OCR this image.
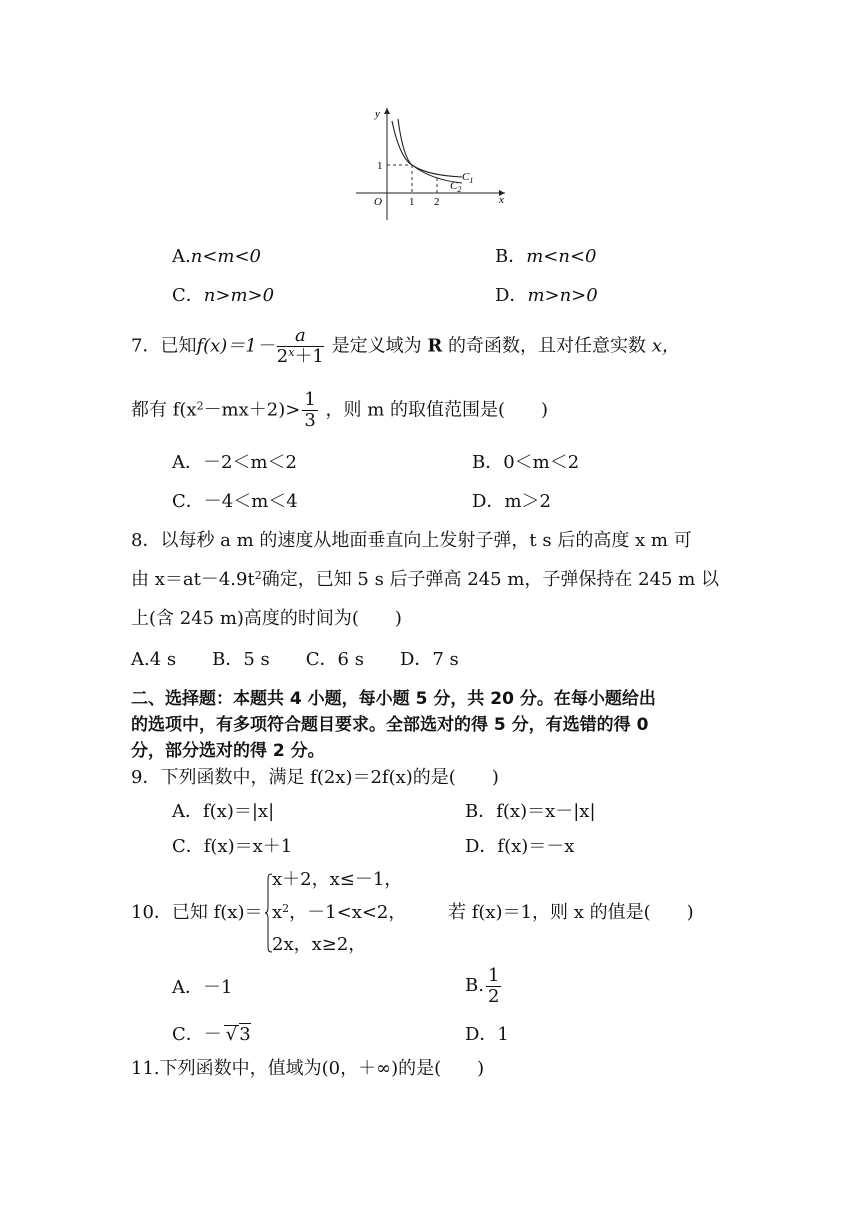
y
x
O
1
1 2
$C_1$
$C_2$
A.n<m<0	B．m<n<0
C．n>m>0	D．m>n>0
7．已知$f(x)=1- \frac{a}{2^x+1}$ 是定义域为 R 的奇函数，且对任意实数 x，
都有 $f(x^2-mx+2)> \frac{1}{3}$ ，则 m 的取值范围是(　　)
A．－2＜m＜2	B．0＜m＜2
C．－4＜m＜4	D．m＞2
8．以每秒 a m 的速度从地面垂直向上发射子弹，t s 后的高度 x m 可
由 $x=at-4.9t^2$确定，已知 5 s 后子弹高 245 m，子弹保持在 245 m 以
上(含 245 m)高度的时间为(　　)
A.4 s　　B．5 s　　C．6 s　　D．7 s
二、选择题：本题共 4 小题，每小题 5 分，共 20 分。在每小题给出
的选项中，有多项符合题目要求。全部选对的得 5 分，有选错的得 0
分，部分选对的得 2 分。
9．下列函数中，满足 f(2x)＝2f(x)的是(　　)
A．f(x)＝|x|	B．f(x)＝x－|x|
C．f(x)＝x＋1	D．f(x)＝－x
10．已知 f(x)＝
x＋2，x≤－1，
$x^2$，－1<x<2，
2x，x≥2，
若 f(x)＝1，则 x 的值是(　　)
A．－1	B. $\frac{1}{2}$
C．－ √ 3	D．1
11.下列函数中，值域为(0，＋∞)的是(　　)
